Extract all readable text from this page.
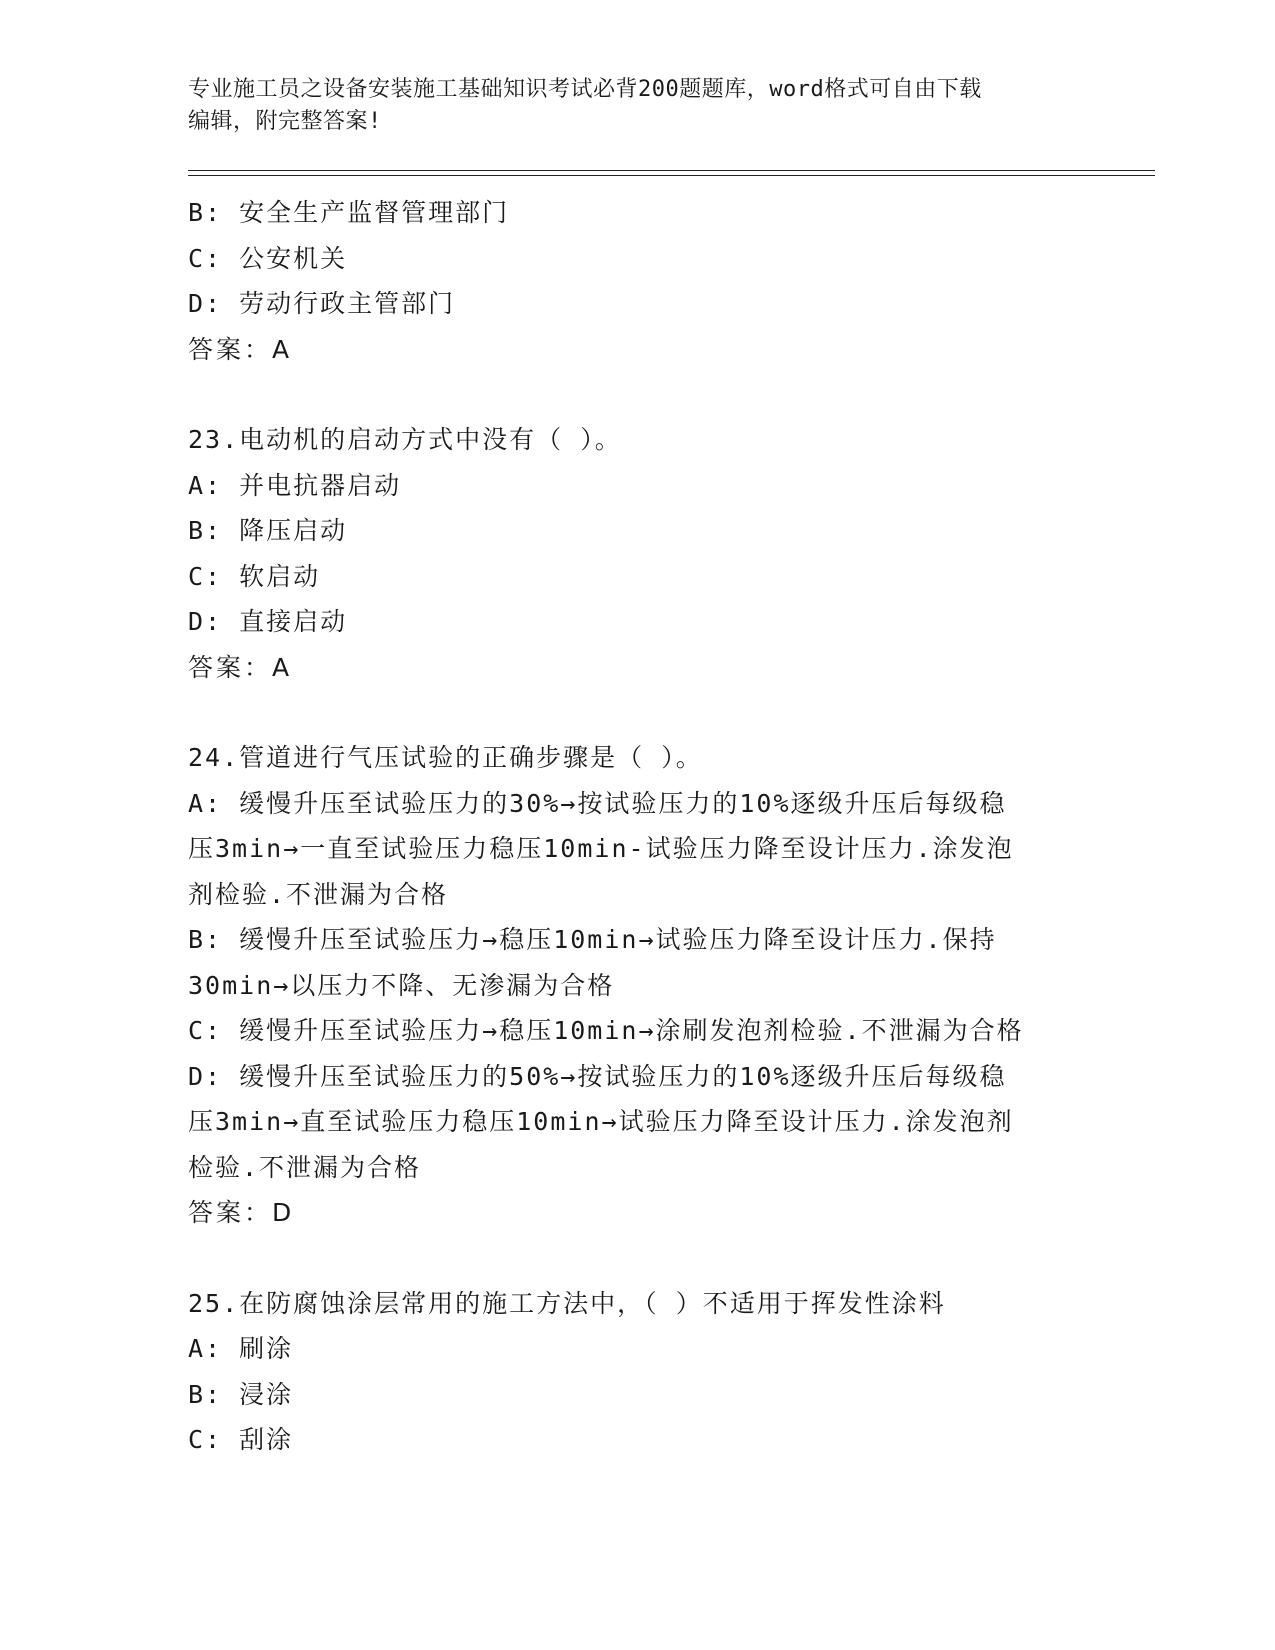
专业施工员之设备安装施工基础知识考试必背200题题库，word格式可自由下载
编辑，附完整答案!
B: 安全生产监督管理部门
C: 公安机关
D: 劳动行政主管部门
答案：A
23.电动机的启动方式中没有（ ）。
A: 并电抗器启动
B: 降压启动
C: 软启动
D: 直接启动
答案：A
24.管道进行气压试验的正确步骤是（ ）。
A: 缓慢升压至试验压力的30%→按试验压力的10%逐级升压后每级稳
压3min→一直至试验压力稳压10min-试验压力降至设计压力.涂发泡
剂检验.不泄漏为合格
B: 缓慢升压至试验压力→稳压10min→试验压力降至设计压力.保持
30min→以压力不降、无渗漏为合格
C: 缓慢升压至试验压力→稳压10min→涂刷发泡剂检验.不泄漏为合格
D: 缓慢升压至试验压力的50%→按试验压力的10%逐级升压后每级稳
压3min→直至试验压力稳压10min→试验压力降至设计压力.涂发泡剂
检验.不泄漏为合格
答案：D
25.在防腐蚀涂层常用的施工方法中，（ ）不适用于挥发性涂料
A: 刷涂
B: 浸涂
C: 刮涂
